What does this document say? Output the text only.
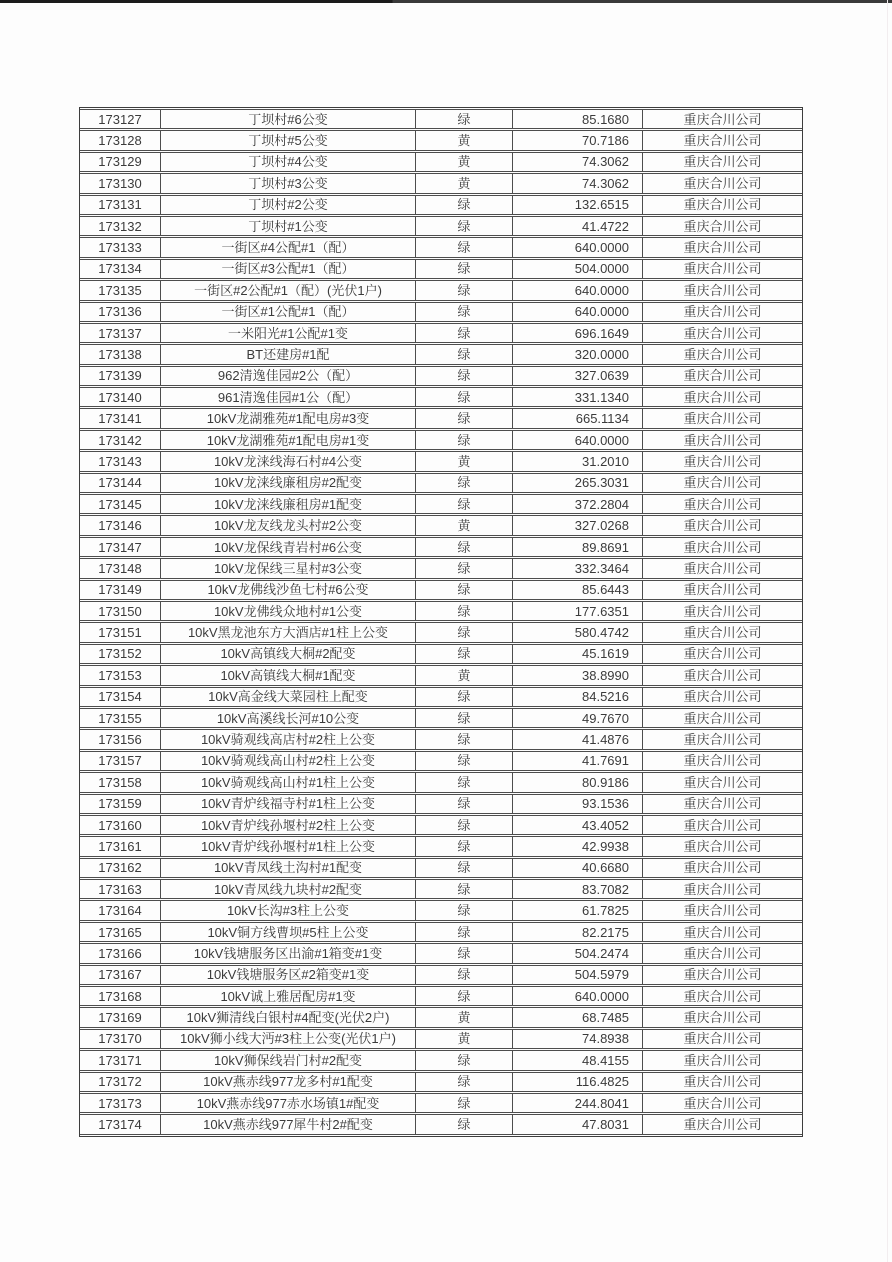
173127	丁坝村#6公变	绿	85.1680	重庆合川公司
173128	丁坝村#5公变	黄	70.7186	重庆合川公司
173129	丁坝村#4公变	黄	74.3062	重庆合川公司
173130	丁坝村#3公变	黄	74.3062	重庆合川公司
173131	丁坝村#2公变	绿	132.6515	重庆合川公司
173132	丁坝村#1公变	绿	41.4722	重庆合川公司
173133	一街区#4公配#1（配）	绿	640.0000	重庆合川公司
173134	一街区#3公配#1（配）	绿	504.0000	重庆合川公司
173135	一街区#2公配#1（配）(光伏1户)	绿	640.0000	重庆合川公司
173136	一街区#1公配#1（配）	绿	640.0000	重庆合川公司
173137	一米阳光#1公配#1变	绿	696.1649	重庆合川公司
173138	BT还建房#1配	绿	320.0000	重庆合川公司
173139	962清逸佳园#2公（配）	绿	327.0639	重庆合川公司
173140	961清逸佳园#1公（配）	绿	331.1340	重庆合川公司
173141	10kV龙湖雅苑#1配电房#3变	绿	665.1134	重庆合川公司
173142	10kV龙湖雅苑#1配电房#1变	绿	640.0000	重庆合川公司
173143	10kV龙涞线海石村#4公变	黄	31.2010	重庆合川公司
173144	10kV龙涞线廉租房#2配变	绿	265.3031	重庆合川公司
173145	10kV龙涞线廉租房#1配变	绿	372.2804	重庆合川公司
173146	10kV龙友线龙头村#2公变	黄	327.0268	重庆合川公司
173147	10kV龙保线青岩村#6公变	绿	89.8691	重庆合川公司
173148	10kV龙保线三星村#3公变	绿	332.3464	重庆合川公司
173149	10kV龙佛线沙鱼七村#6公变	绿	85.6443	重庆合川公司
173150	10kV龙佛线众地村#1公变	绿	177.6351	重庆合川公司
173151	10kV黑龙池东方大酒店#1柱上公变	绿	580.4742	重庆合川公司
173152	10kV高镇线大桐#2配变	绿	45.1619	重庆合川公司
173153	10kV高镇线大桐#1配变	黄	38.8990	重庆合川公司
173154	10kV高金线大菜园柱上配变	绿	84.5216	重庆合川公司
173155	10kV高溪线长河#10公变	绿	49.7670	重庆合川公司
173156	10kV骑观线高店村#2柱上公变	绿	41.4876	重庆合川公司
173157	10kV骑观线高山村#2柱上公变	绿	41.7691	重庆合川公司
173158	10kV骑观线高山村#1柱上公变	绿	80.9186	重庆合川公司
173159	10kV青炉线福寺村#1柱上公变	绿	93.1536	重庆合川公司
173160	10kV青炉线孙堰村#2柱上公变	绿	43.4052	重庆合川公司
173161	10kV青炉线孙堰村#1柱上公变	绿	42.9938	重庆合川公司
173162	10kV青凤线土沟村#1配变	绿	40.6680	重庆合川公司
173163	10kV青凤线九块村#2配变	绿	83.7082	重庆合川公司
173164	10kV长沟#3柱上公变	绿	61.7825	重庆合川公司
173165	10kV铜方线曹坝#5柱上公变	绿	82.2175	重庆合川公司
173166	10kV钱塘服务区出渝#1箱变#1变	绿	504.2474	重庆合川公司
173167	10kV钱塘服务区#2箱变#1变	绿	504.5979	重庆合川公司
173168	10kV诚上雅居配房#1变	绿	640.0000	重庆合川公司
173169	10kV狮清线白银村#4配变(光伏2户)	黄	68.7485	重庆合川公司
173170	10kV狮小线大沔#3柱上公变(光伏1户)	黄	74.8938	重庆合川公司
173171	10kV狮保线岩门村#2配变	绿	48.4155	重庆合川公司
173172	10kV燕赤线977龙多村#1配变	绿	116.4825	重庆合川公司
173173	10kV燕赤线977赤水场镇1#配变	绿	244.8041	重庆合川公司
173174	10kV燕赤线977犀牛村2#配变	绿	47.8031	重庆合川公司
